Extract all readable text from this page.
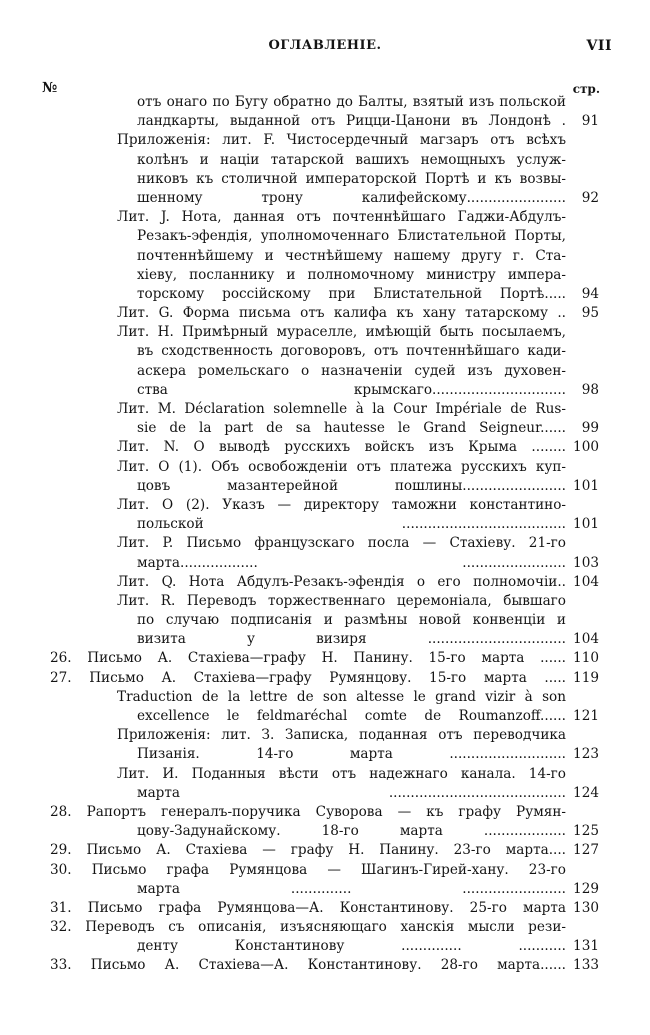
ОГЛАВЛЕНІЕ.	VII
№	стр.
отъ онаго по Бугу обратно до Балты, взятый изъ польской
ландкарты, выданной отъ Рицци-Цанони въ Лондонѣ .	91
Приложенія: лит. F. Чистосердечный магзаръ отъ всѣхъ
колѣнъ и націи татарской вашихъ немощныхъ услуж-
никовъ къ столичной императорской Портѣ и къ возвы-
шенному трону калифейскому.......................	92
Лит. J. Нота, данная отъ почтеннѣйшаго Гаджи-Абдулъ-
Резакъ-эфендія, уполномоченнаго Блистательной Порты,
почтеннѣйшему и честнѣйшему нашему другу г. Ста-
хіеву, посланнику и полномочному министру импера-
торскому россійскому при Блистательной Портѣ.....	94
Лит. G. Форма письма отъ калифа къ хану татарскому ..	95
Лит. H. Примѣрный мураселле, имѣющій быть посылаемъ,
въ сходственность договоровъ, отъ почтеннѣйшаго кади-
аскера ромельскаго о назначеніи судей изъ духовен-
ства крымскаго...............................	98
Лит. M. Déclaration solemnelle à la Cour Impériale de Rus-
sie de la part de sa hautesse le Grand Seigneur......	99
Лит. N. О выводѣ русскихъ войскъ изъ Крыма ........ 100
Лит. O (1). Объ освобожденіи отъ платежа русскихъ куп-
цовъ мазантерейной пошлины........................ 101
Лит. O (2). Указъ — директору таможни константино-
польской ...................................... 101
Лит. P. Письмо французскаго посла — Стахіеву. 21-го
марта.................. ........................ 103
Лит. Q. Нота Абдулъ-Резакъ-эфендія о его полномочіи.. 104
Лит. R. Переводъ торжественнаго церемоніала, бывшаго
по случаю подписанія и размѣны новой конвенціи и
визита у визиря ................................ 104
26. Письмо А. Стахіева—графу Н. Панину. 15-го марта ...... 110
27. Письмо А. Стахіева—графу Румянцову. 15-го марта ..... 119
Traduction de la lettre de son altesse le grand vizir à son
excellence le feldmaréchal comte de Roumanzoff...... 121
Приложенія: лит. З. Записка, поданная отъ переводчика
Пизанія. 14-го марта ........................... 123
Лит. И. Поданныя вѣсти отъ надежнаго канала. 14-го
марта ......................................... 124
28. Рапортъ генералъ-поручика Суворова — къ графу Румян-
цову-Задунайскому. 18-го марта ................... 125
29. Письмо А. Стахіева — графу Н. Панину. 23-го марта.... 127
30. Письмо графа Румянцова — Шагинъ-Гирей-хану. 23-го
марта .............. ........................ 129
31. Письмо графа Румянцова—А. Константинову. 25-го марта 130
32. Переводъ съ описанія, изъясняющаго ханскія мысли рези-
денту Константинову .............. ........... 131
33. Письмо А. Стахіева—А. Константинову. 28-го марта...... 133
